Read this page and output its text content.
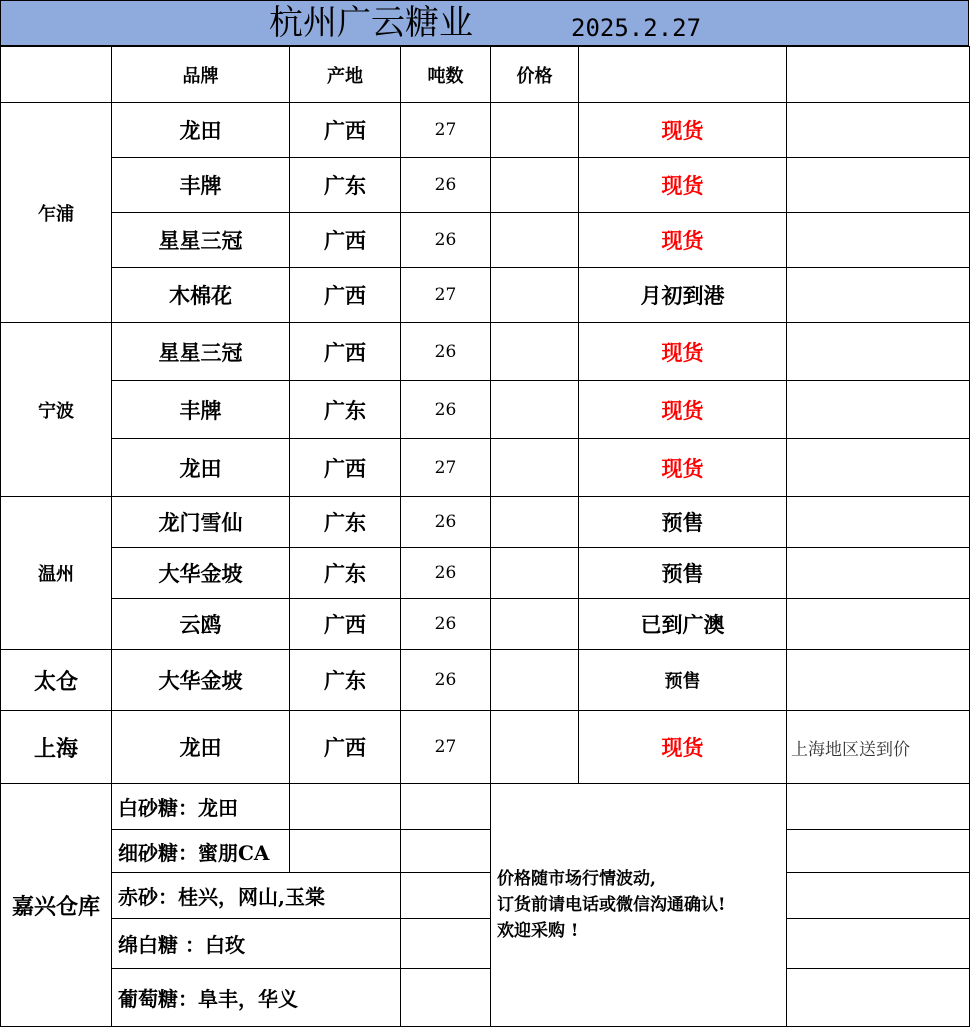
杭州广云糖业	2025.2.27
	品牌	产地	吨数	价格		
乍浦	龙田	广西	27		现货	
	丰牌	广东	26		现货	
	星星三冠	广西	26		现货	
	木棉花	广西	27		月初到港	
宁波	星星三冠	广西	26		现货	
	丰牌	广东	26		现货	
	龙田	广西	27		现货	
温州	龙门雪仙	广东	26		预售	
	大华金坡	广东	26		预售	
	云鸥	广西	26		已到广澳	
太仓	大华金坡	广东	26		预售	
上海	龙田	广西	27		现货	上海地区送到价
嘉兴仓库	白砂糖：龙田			价格随市场行情波动,
订货前请电话或微信沟通确认!
欢迎采购 !		

	细砂糖：蜜朋CA					
	赤砂：桂兴，网山,玉棠					
	绵白糖 ：白玫					
	葡萄糖：阜丰，华义					
